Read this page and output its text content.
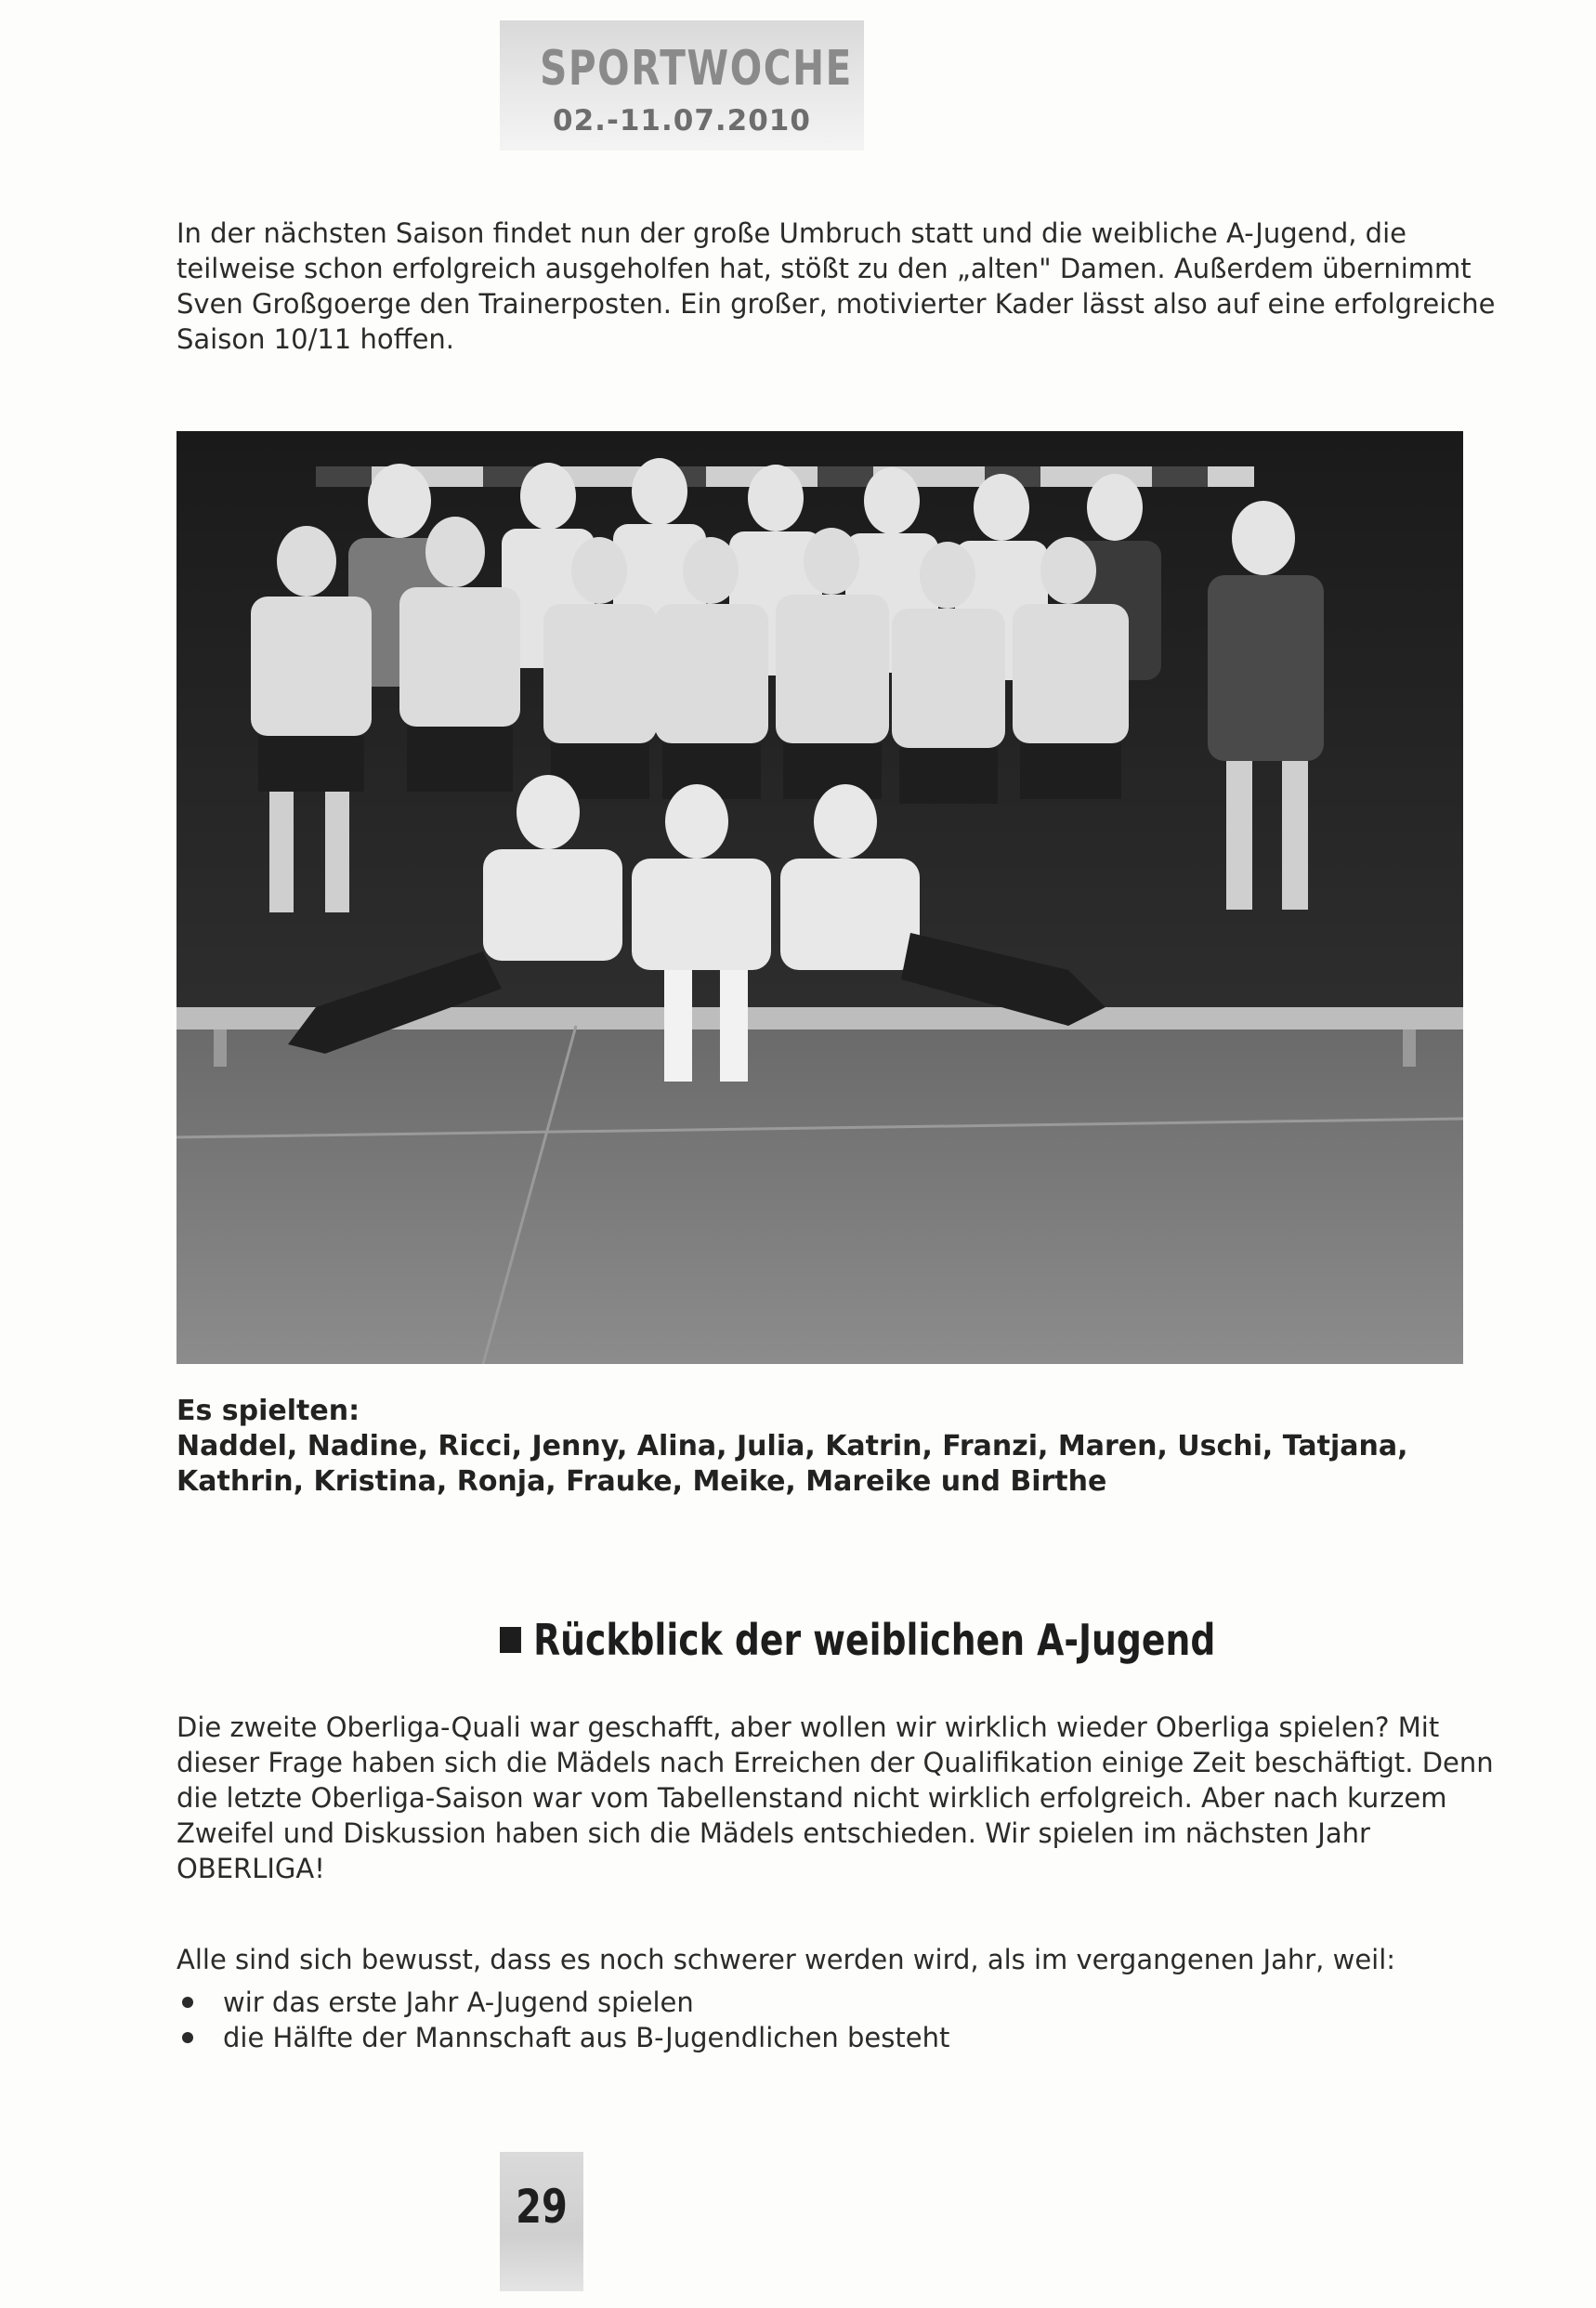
SPORTWOCHE
02.-11.07.2010
In der nächsten Saison findet nun der große Umbruch statt und die weibliche A-Jugend, die teilweise schon erfolgreich ausgeholfen hat, stößt zu den „alten" Damen. Außerdem übernimmt Sven Großgoerge den Trainerposten. Ein großer, motivierter Kader lässt also auf eine erfolgreiche Saison 10/11 hoffen.
Es spielten:
Naddel, Nadine, Ricci, Jenny, Alina, Julia, Katrin, Franzi, Maren, Uschi, Tatjana, Kathrin, Kristina, Ronja, Frauke, Meike, Mareike und Birthe
Rückblick der weiblichen A-Jugend
Die zweite Oberliga-Quali war geschafft, aber wollen wir wirklich wieder Oberliga spielen? Mit dieser Frage haben sich die Mädels nach Erreichen der Qualifikation einige Zeit beschäftigt. Denn die letzte Oberliga-Saison war vom Tabellenstand nicht wirklich erfolgreich. Aber nach kurzem Zweifel und Diskussion haben sich die Mädels entschieden. Wir spielen im nächsten Jahr OBERLIGA!
Alle sind sich bewusst, dass es noch schwerer werden wird, als im vergangenen Jahr, weil:
wir das erste Jahr A-Jugend spielen
die Hälfte der Mannschaft aus B-Jugendlichen besteht
29
